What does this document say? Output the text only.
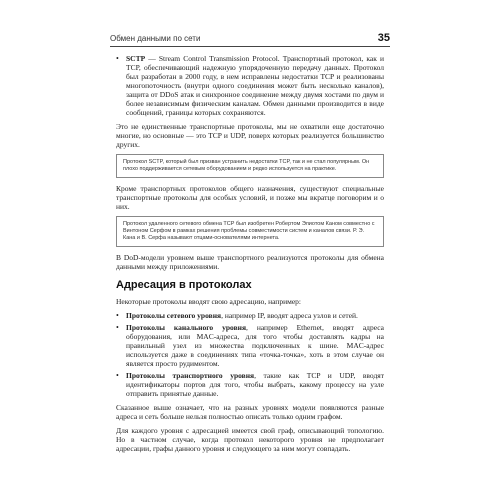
Обмен данными по сети	35
• SCTP — Stream Control Transmission Protocol. Транспортный протокол, как и TCP, обеспечивающий надежную упорядоченную передачу данных. Протокол был разработан в 2000 году, в нем исправлены недостатки TCP и реализованы многопоточность (внутри одного соединения может быть несколько каналов), защита от DDoS атак и синхронное соединение между двумя хостами по двум и более независимым физическим каналам. Обмен данными производится в виде сообщений, границы которых сохраняются.

Это не единственные транспортные протоколы, мы не охватили еще достаточно многие, но основные — это TCP и UDP, поверх которых реализуется большинство других.

Протокол SCTP, который был призван устранить недостатки TCP, так и не стал популярным. Он плохо поддерживается сетевым оборудованием и редко используется на практике.

Кроме транспортных протоколов общего назначения, существуют специальные транспортные протоколы для особых условий, и позже мы вкратце поговорим и о них.

Протокол удаленного сетевого обмена TCP был изобретен Робертом Элиотом Каном совместно с Винтоном Серфом в рамках решения проблемы совместимости систем и каналов связи. Р. Э. Кана и В. Серфа называют отцами-основателями интернета.

В DoD-модели уровнем выше транспортного реализуются протоколы для обмена данными между приложениями.

Адресация в протоколах

Некоторые протоколы вводят свою адресацию, например:

• Протоколы сетевого уровня, например IP, вводят адреса узлов и сетей.
• Протоколы канального уровня, например Ethernet, вводят адреса оборудования, или MAC-адреса, для того чтобы доставлять кадры на правильный узел из множества подключенных к шине. MAC-адрес используется даже в соединениях типа «точка-точка», хоть в этом случае он является просто рудиментом.
• Протоколы транспортного уровня, такие как TCP и UDP, вводят идентификаторы портов для того, чтобы выбрать, какому процессу на узле отправить принятые данные.

Сказанное выше означает, что на разных уровнях модели появляются разные адреса и сеть больше нельзя полностью описать только одним графом.

Для каждого уровня с адресацией имеется свой граф, описывающий топологию. Но в частном случае, когда протокол некоторого уровня не предполагает адресации, графы данного уровня и следующего за ним могут совпадать.
